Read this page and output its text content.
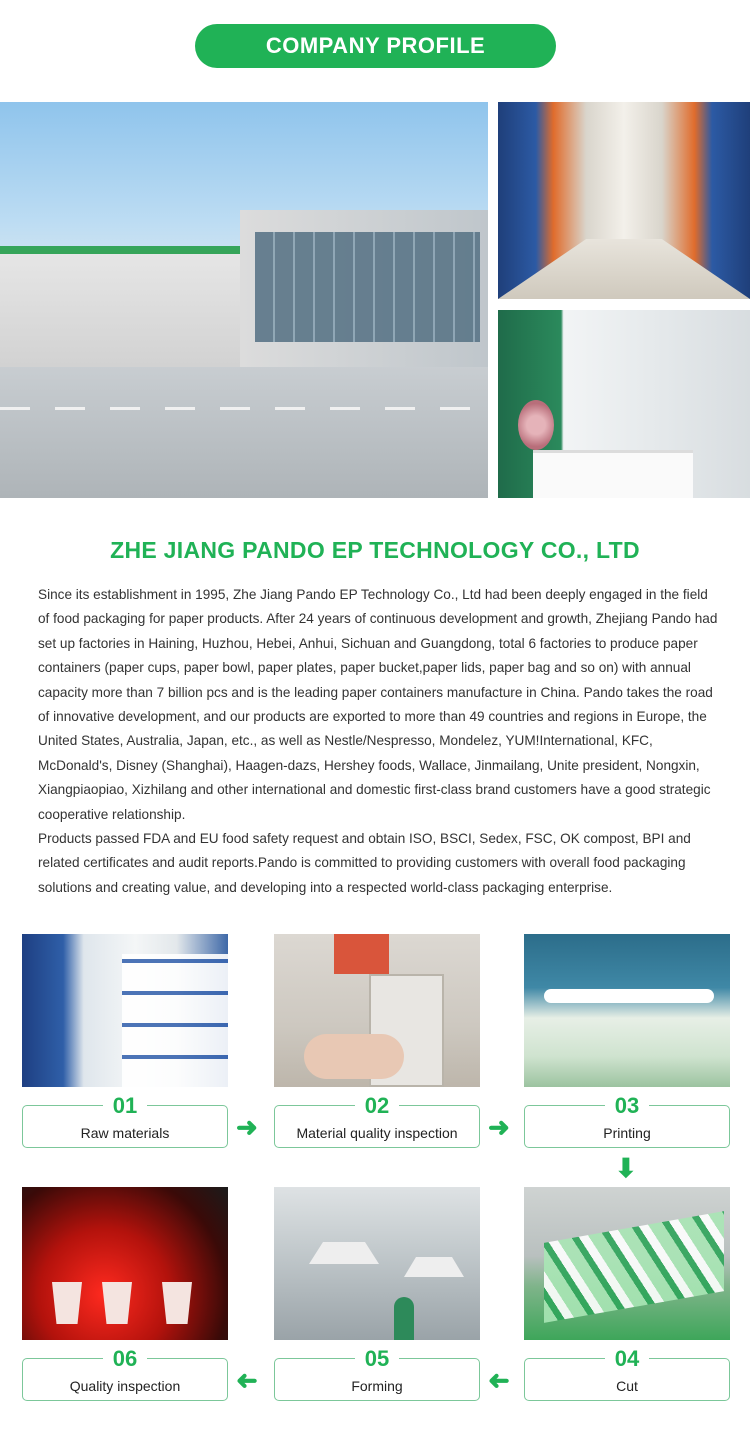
COMPANY PROFILE
ZHE JIANG PANDO EP TECHNOLOGY CO., LTD

Since its establishment in 1995, Zhe Jiang Pando EP Technology Co., Ltd had been deeply engaged in the field of food packaging for paper products. After 24 years of continuous development and growth, Zhejiang Pando had set up factories in Haining, Huzhou, Hebei, Anhui, Sichuan and Guangdong, total 6 factories to produce paper containers (paper cups, paper bowl, paper plates, paper bucket,paper lids, paper bag and so on) with annual capacity more than 7 billion pcs and is the leading paper containers manufacture in China. Pando takes the road of innovative development, and our products are exported to more than 49 countries and regions in Europe, the United States, Australia, Japan, etc., as well as Nestle/Nespresso, Mondelez, YUM!International, KFC, McDonald's, Disney (Shanghai), Haagen-dazs, Hershey foods, Wallace, Jinmailang, Unite president, Nongxin, Xiangpiaopiao, Xizhilang and other international and domestic first-class brand customers have a good strategic cooperative relationship.

Products passed FDA and EU food safety request and obtain ISO, BSCI, Sedex, FSC, OK compost, BPI and related certificates and audit reports.Pando is committed to providing customers with overall food packaging solutions and creating value, and developing into a respected world-class packaging enterprise.

01
Raw materials	➜
02
Material quality inspection	➜
03
Printing
⬇
06
Quality inspection	➜
05
Forming	➜
04
Cut
